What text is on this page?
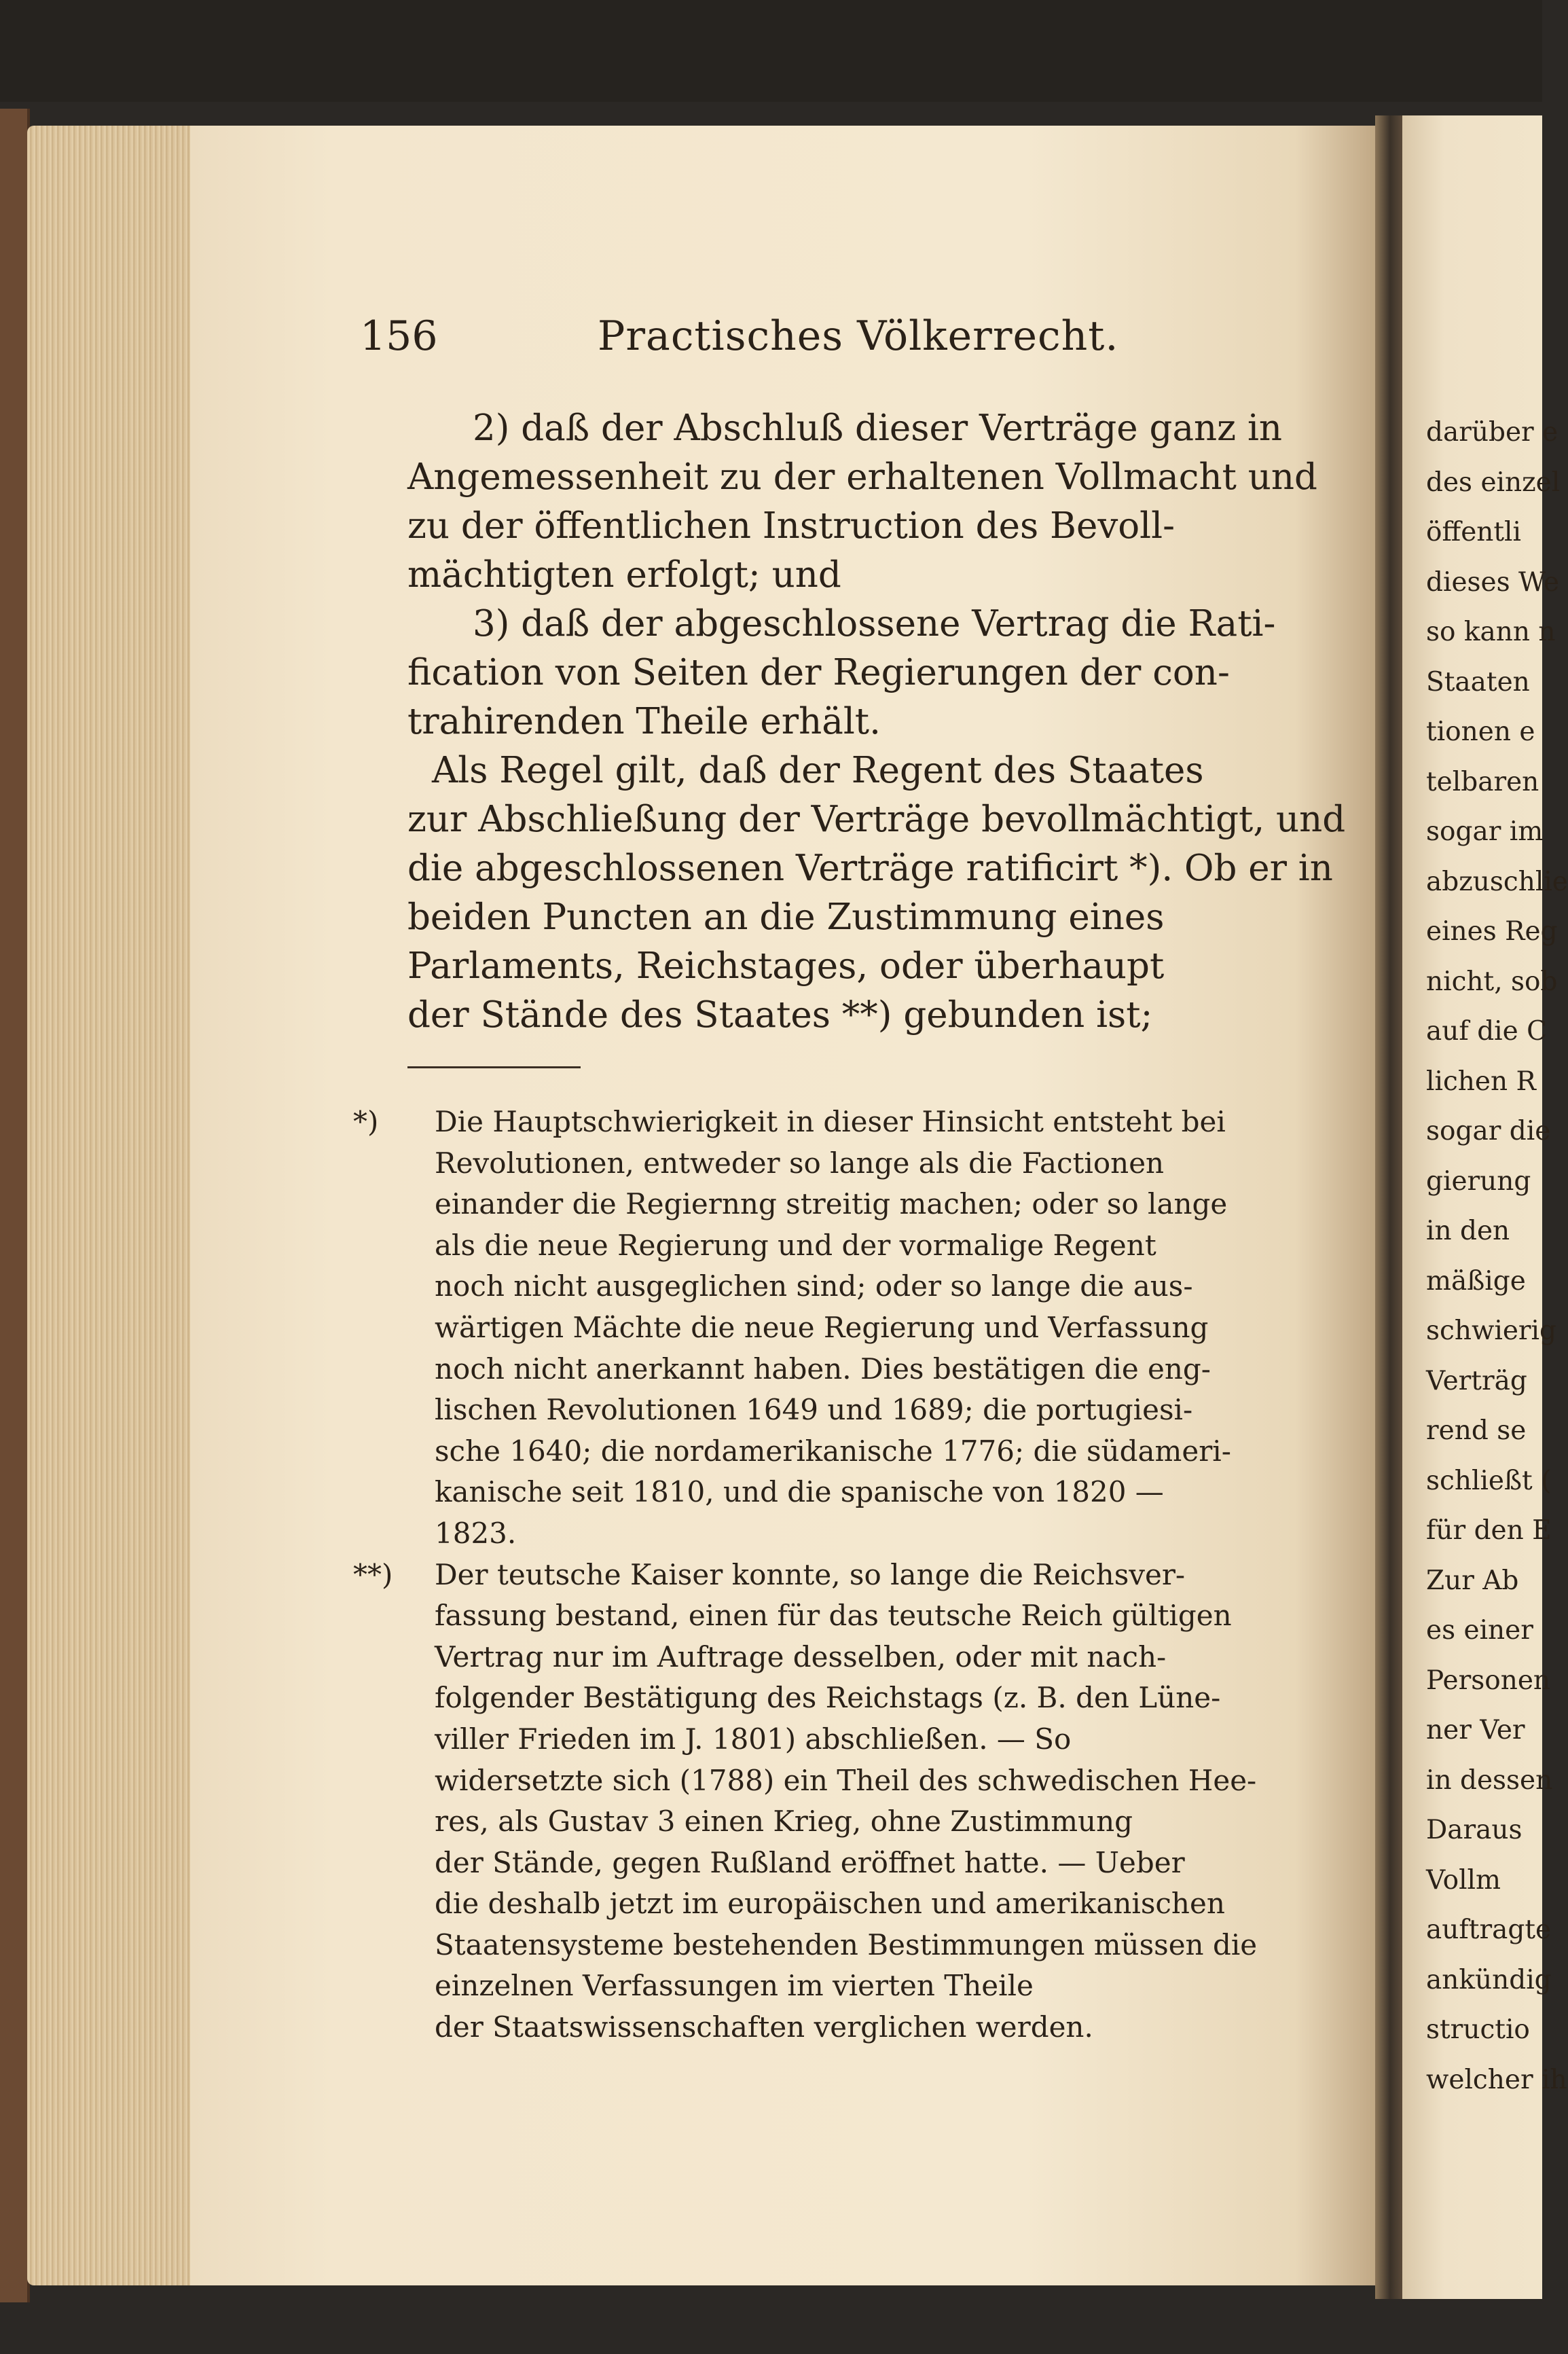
156	Practisches Völkerrecht.
2) daß der Abschluß dieser Verträge ganz in
Angemessenheit zu der erhaltenen Vollmacht und
zu der öffentlichen Instruction des Bevoll-
mächtigten erfolgt; und
3) daß der abgeschlossene Vertrag die Rati-
fication von Seiten der Regierungen der con-
trahirenden Theile erhält.
Als Regel gilt, daß der Regent des Staates
zur Abschließung der Verträge bevollmächtigt, und
die abgeschlossenen Verträge ratificirt *). Ob er in
beiden Puncten an die Zustimmung eines
Parlaments, Reichstages, oder überhaupt
der Stände des Staates **) gebunden ist;
*)	Die Hauptschwierigkeit in dieser Hinsicht entsteht bei
Revolutionen, entweder so lange als die Factionen
einander die Regiernng streitig machen; oder so lange
als die neue Regierung und der vormalige Regent
noch nicht ausgeglichen sind; oder so lange die aus-
wärtigen Mächte die neue Regierung und Verfassung
noch nicht anerkannt haben. Dies bestätigen die eng-
lischen Revolutionen 1649 und 1689; die portugiesi-
sche 1640; die nordamerikanische 1776; die südameri-
kanische seit 1810, und die spanische von 1820 —
1823.
**)	Der teutsche Kaiser konnte, so lange die Reichsver-
fassung bestand, einen für das teutsche Reich gültigen
Vertrag nur im Auftrage desselben, oder mit nach-
folgender Bestätigung des Reichstags (z. B. den Lüne-
viller Frieden im J. 1801) abschließen. — So
widersetzte sich (1788) ein Theil des schwedischen Hee-
res, als Gustav 3 einen Krieg, ohne Zustimmung
der Stände, gegen Rußland eröffnet hatte. — Ueber
die deshalb jetzt im europäischen und amerikanischen
Staatensysteme bestehenden Bestimmungen müssen die
einzelnen Verfassungen im vierten Theile
der Staatswissenschaften verglichen werden.
darüber e
des einzel
öffentli
dieses We
so kann n
Staaten
tionen e
telbaren
sogar im
abzuschlie
eines Reg
nicht, sob
auf die C
lichen R
sogar die
gierung
in den
mäßige
schwierig
Verträg
rend se
schließt (
für den E
Zur Ab
es einer
Personen
ner Ver
in dessen
Daraus
Vollm
auftragte
ankündig
structio
welcher ih
